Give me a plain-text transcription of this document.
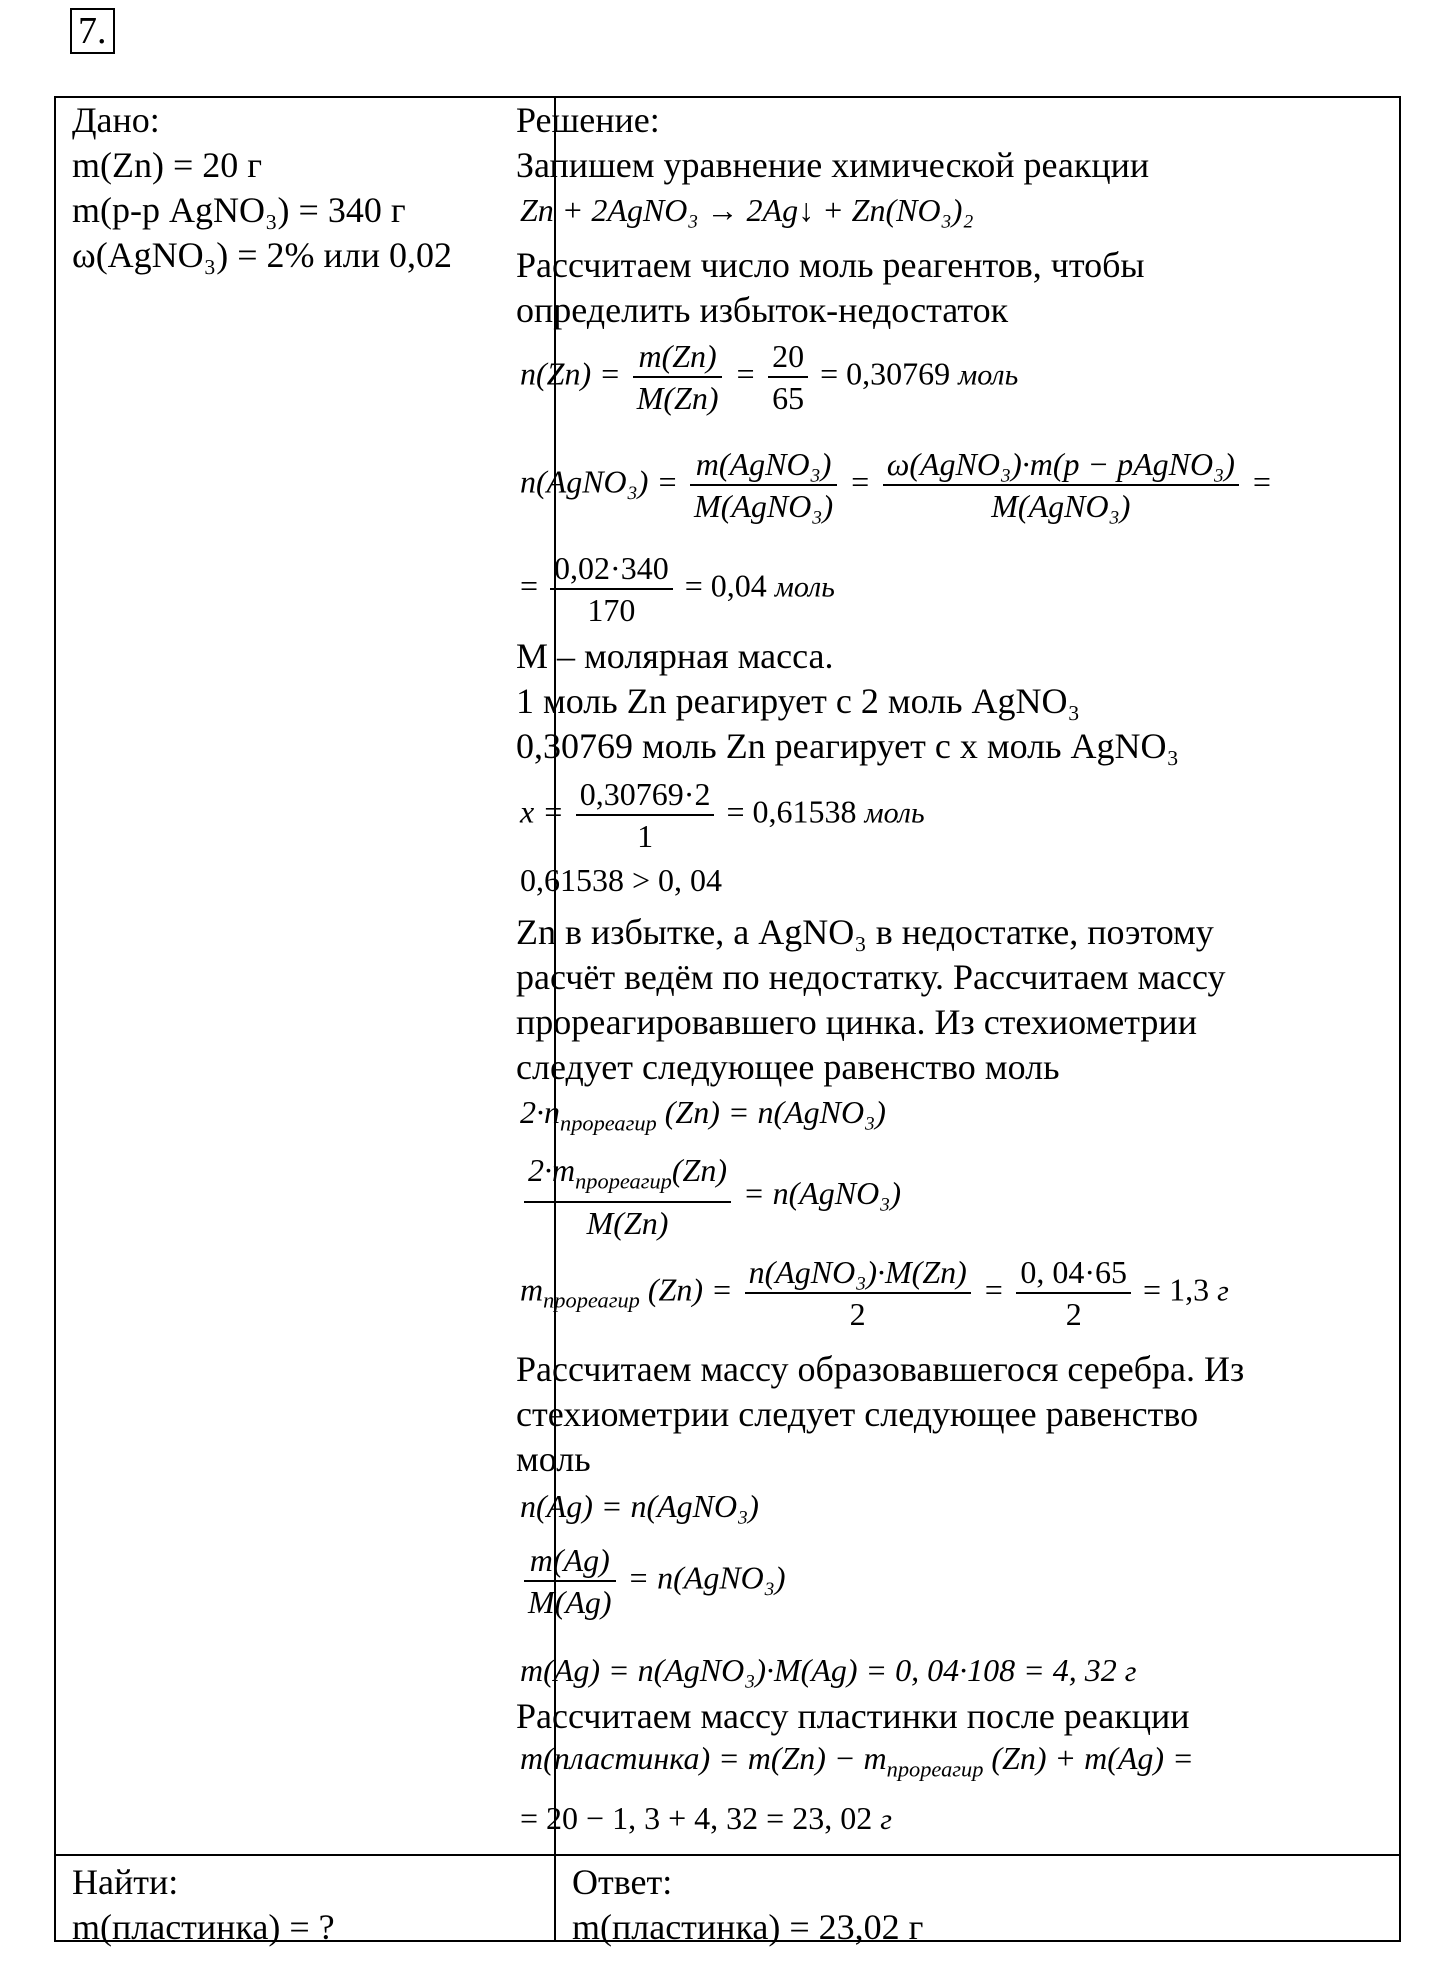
7.
Дано:
m(Zn) = 20 г
m(р-р AgNO₃) = 340 г
ω(AgNO₃) = 2% или 0,02
Найти:
m(пластинка) = ?
Ответ:
m(пластинка) = 23,02 г
Решение:
Запишем уравнение химической реакции
Zn + 2AgNO₃ → 2Ag↓ + Zn(NO₃)₂
Рассчитаем число моль реагентов, чтобы
определить избыток-недостаток
$n(Zn) = \frac{m(Zn)}{M(Zn)} = \frac{20}{65} = 0,30769$ моль
n(AgNO₃) = $\frac{\text{m(AgNO₃)}}{\text{M(AgNO₃)}} = \frac{\text{ω(AgNO₃)·m(p − pAgNO₃)}}{\text{M(AgNO₃)}}$ =
= $\frac{0,02\cdot 340}{170} = 0,04$ моль
M – молярная масса.
1 моль Zn реагирует с 2 моль AgNO₃
0,30769 моль Zn реагирует с x моль AgNO₃
$x = \frac{0,30769\cdot 2}{1} = 0,61538$ моль
0,61538 > 0, 04
Zn в избытке, а AgNO₃ в недостатке, поэтому
расчёт ведём по недостатку. Рассчитаем массу
прореагировавшего цинка. Из стехиометрии
следует следующее равенство моль
$2\cdot n_{прореагир}$ (Zn) = n(AgNO₃)
$\frac{2\cdot m_{прореагир}(Zn)}{M(Zn)}$ = n(AgNO₃)
$m_{прореагир}$ $(Zn) = \frac{\text{n(AgNO₃)·M(Zn)}}{2} = \frac{0, 04\cdot 65}{2} = 1,3$ г
Рассчитаем массу образовавшегося серебра. Из
стехиометрии следует следующее равенство
моль
n(Ag) = n(AgNO₃)
$\frac{m(Ag)}{M(Ag)}$ = n(AgNO₃)
m(Ag) = n(AgNO₃)·M(Ag) = 0, 04·108 = 4, 32 г
Рассчитаем массу пластинки после реакции
m(пластинка) = $m(Zn) - m_{прореагир}$ (Zn) + m(Ag) =
= 20 − 1, 3 + 4, 32 = 23, 02 г
